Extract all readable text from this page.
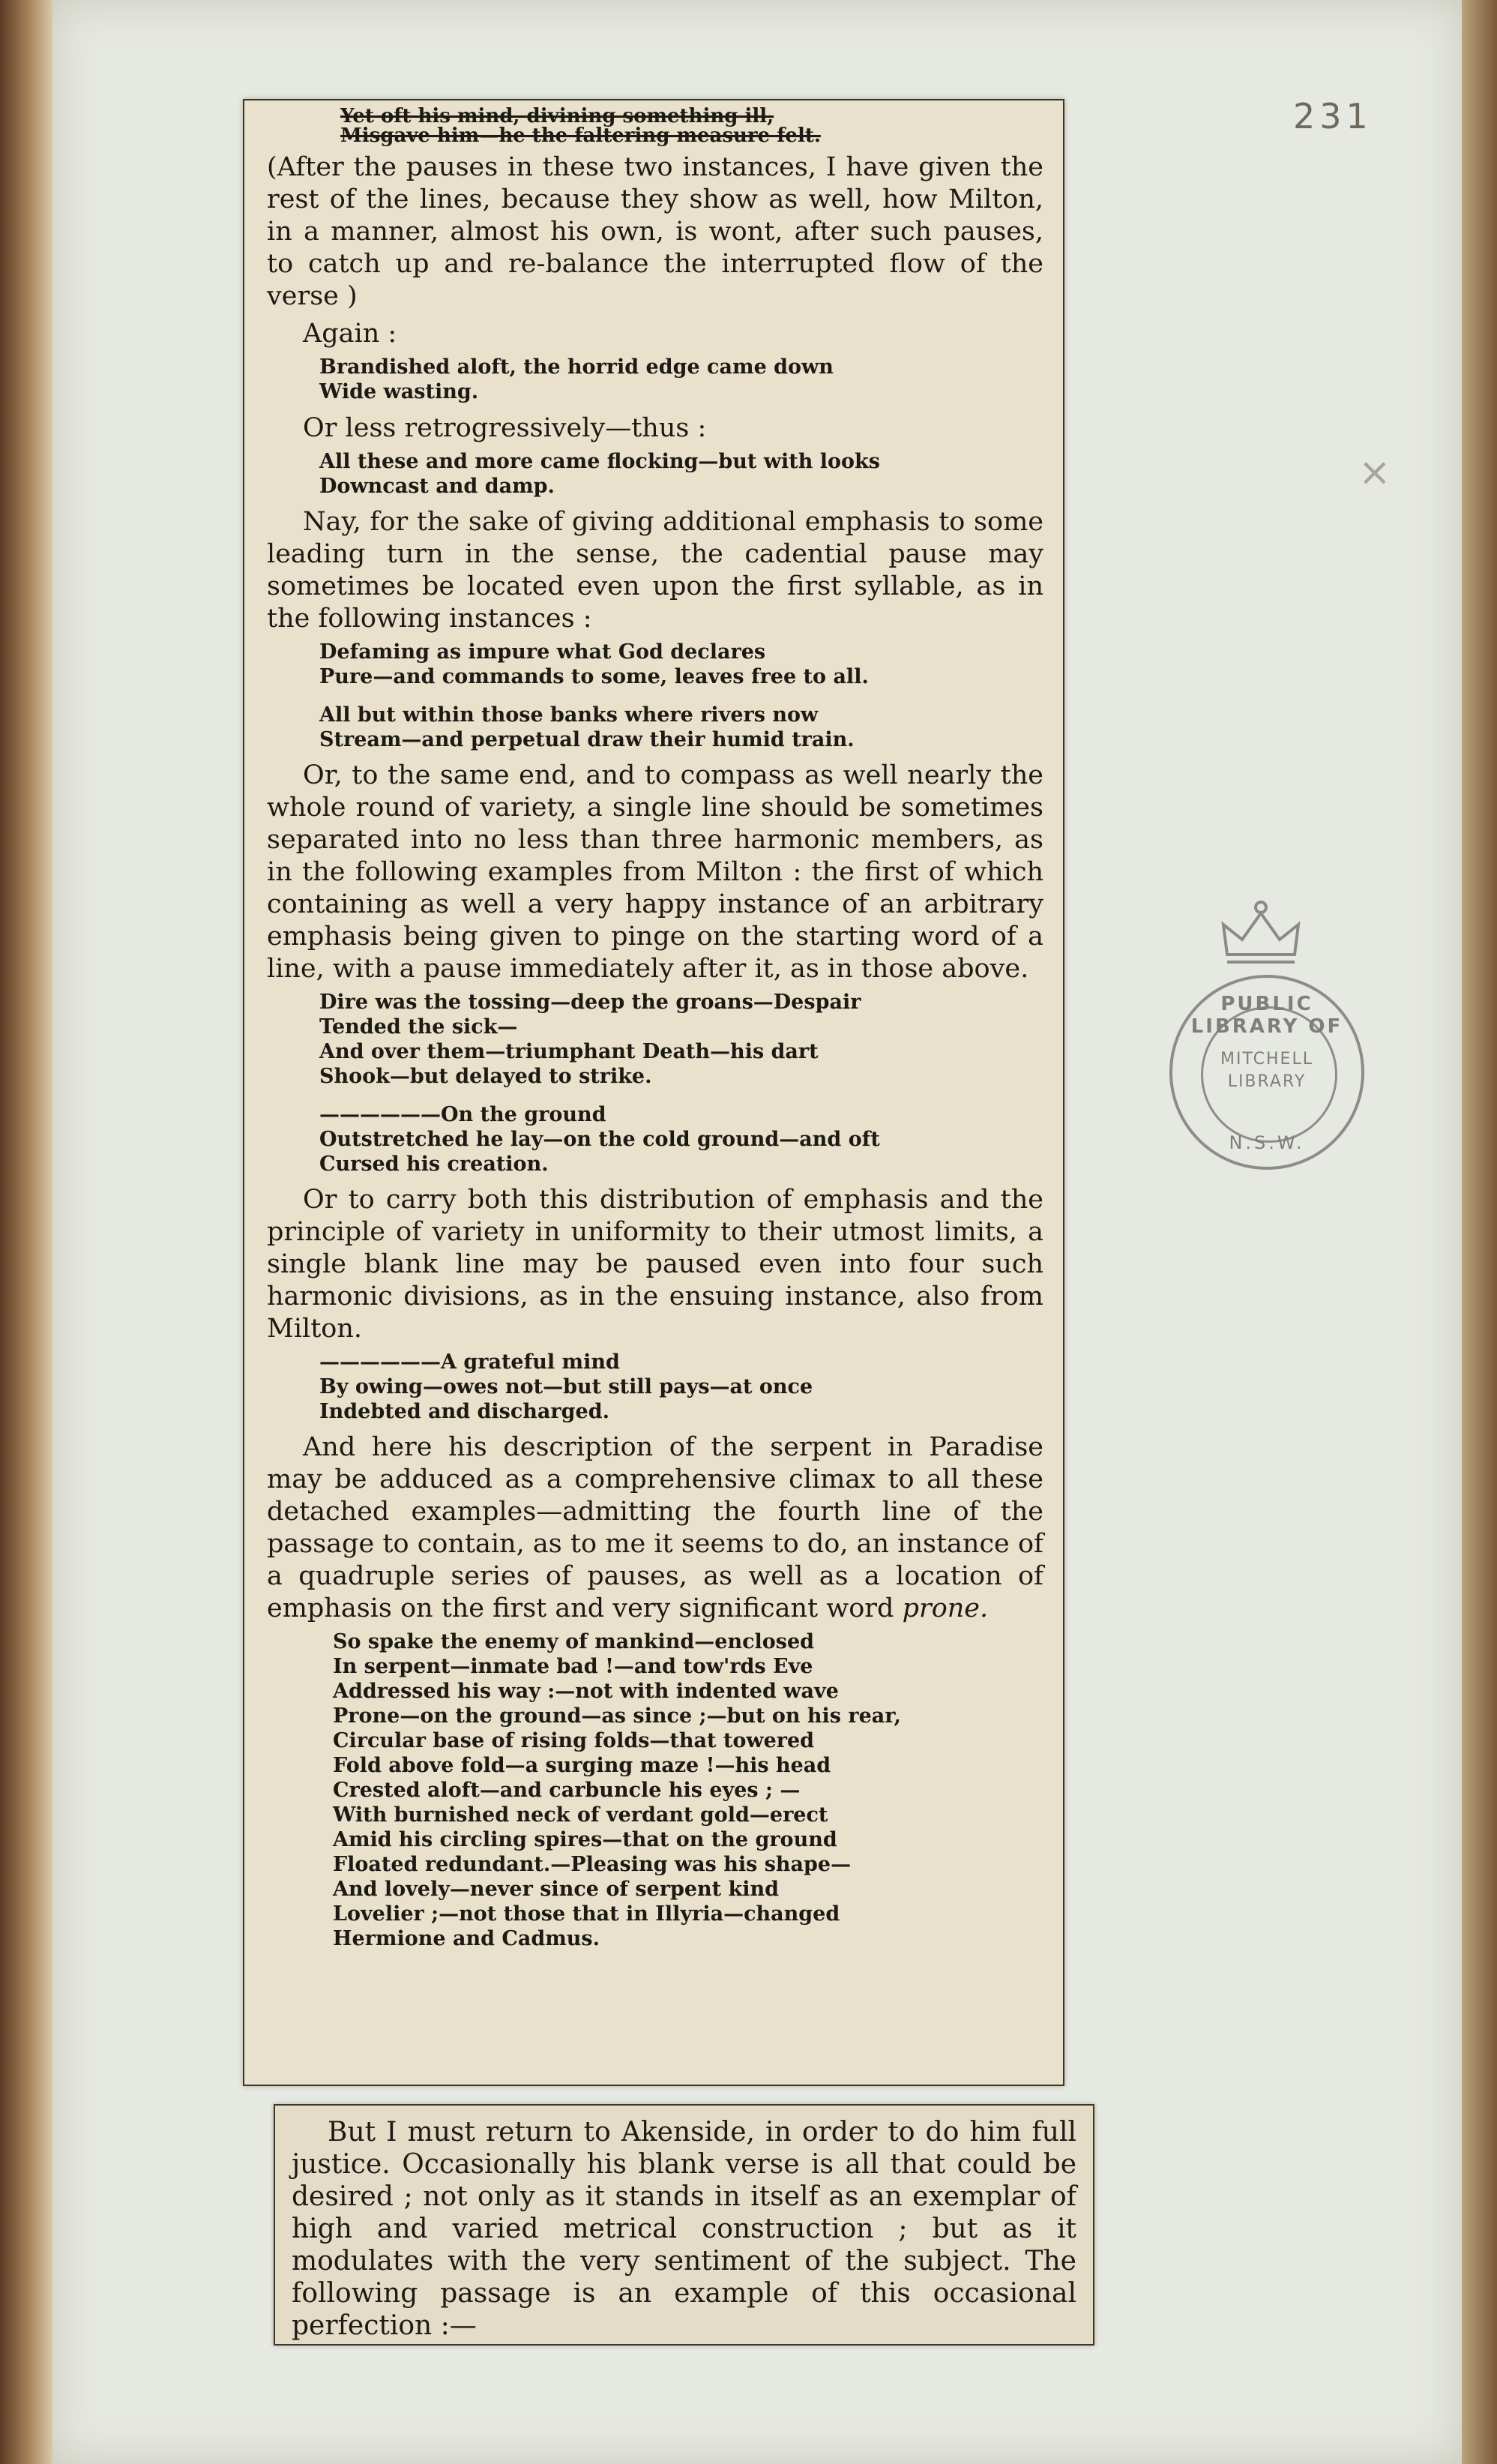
231
×
PUBLIC LIBRARY OF
MITCHELL
LIBRARY
N.S.W.
Yet oft his mind, divining something ill,
Misgave him—he the faltering measure felt.

(After the pauses in these two instances, I have given the rest of the lines, because they show as well, how Milton, in a manner, almost his own, is wont, after such pauses, to catch up and re-balance the interrupted flow of the verse )

Again :
Brandished aloft, the horrid edge came down
Wide wasting.
Or less retrogressively—thus :
All these and more came flocking—but with looks
Downcast and damp.

Nay, for the sake of giving additional emphasis to some leading turn in the sense, the cadential pause may sometimes be located even upon the first syllable, as in the following instances :

Defaming as impure what God declares
Pure—and commands to some, leaves free to all.
All but within those banks where rivers now
Stream—and perpetual draw their humid train.

Or, to the same end, and to compass as well nearly the whole round of variety, a single line should be sometimes separated into no less than three harmonic members, as in the following examples from Milton : the first of which containing as well a very happy instance of an arbitrary emphasis being given to pinge on the starting word of a line, with a pause immediately after it, as in those above.

Dire was the tossing—deep the groans—Despair
Tended the sick—
And over them—triumphant Death—his dart
Shook—but delayed to strike.
——————On the ground
Outstretched he lay—on the cold ground—and oft
Cursed his creation.

Or to carry both this distribution of emphasis and the principle of variety in uniformity to their utmost limits, a single blank line may be paused even into four such harmonic divisions, as in the ensuing instance, also from Milton.

——————A grateful mind
By owing—owes not—but still pays—at once
Indebted and discharged.

And here his description of the serpent in Paradise may be adduced as a comprehensive climax to all these detached examples—admitting the fourth line of the passage to contain, as to me it seems to do, an instance of a quadruple series of pauses, as well as a location of emphasis on the first and very significant word prone.

So spake the enemy of mankind—enclosed
In serpent—inmate bad !—and tow'rds Eve
Addressed his way :—not with indented wave
Prone—on the ground—as since ;—but on his rear,
Circular base of rising folds—that towered
Fold above fold—a surging maze !—his head
Crested aloft—and carbuncle his eyes ; —
With burnished neck of verdant gold—erect
Amid his circling spires—that on the ground
Floated redundant.—Pleasing was his shape—
And lovely—never since of serpent kind
Lovelier ;—not those that in Illyria—changed
Hermione and Cadmus.

But I must return to Akenside, in order to do him full justice. Occasionally his blank verse is all that could be desired ; not only as it stands in itself as an exemplar of high and varied metrical construction ; but as it modulates with the very sentiment of the subject. The following passage is an example of this occasional perfection :—
